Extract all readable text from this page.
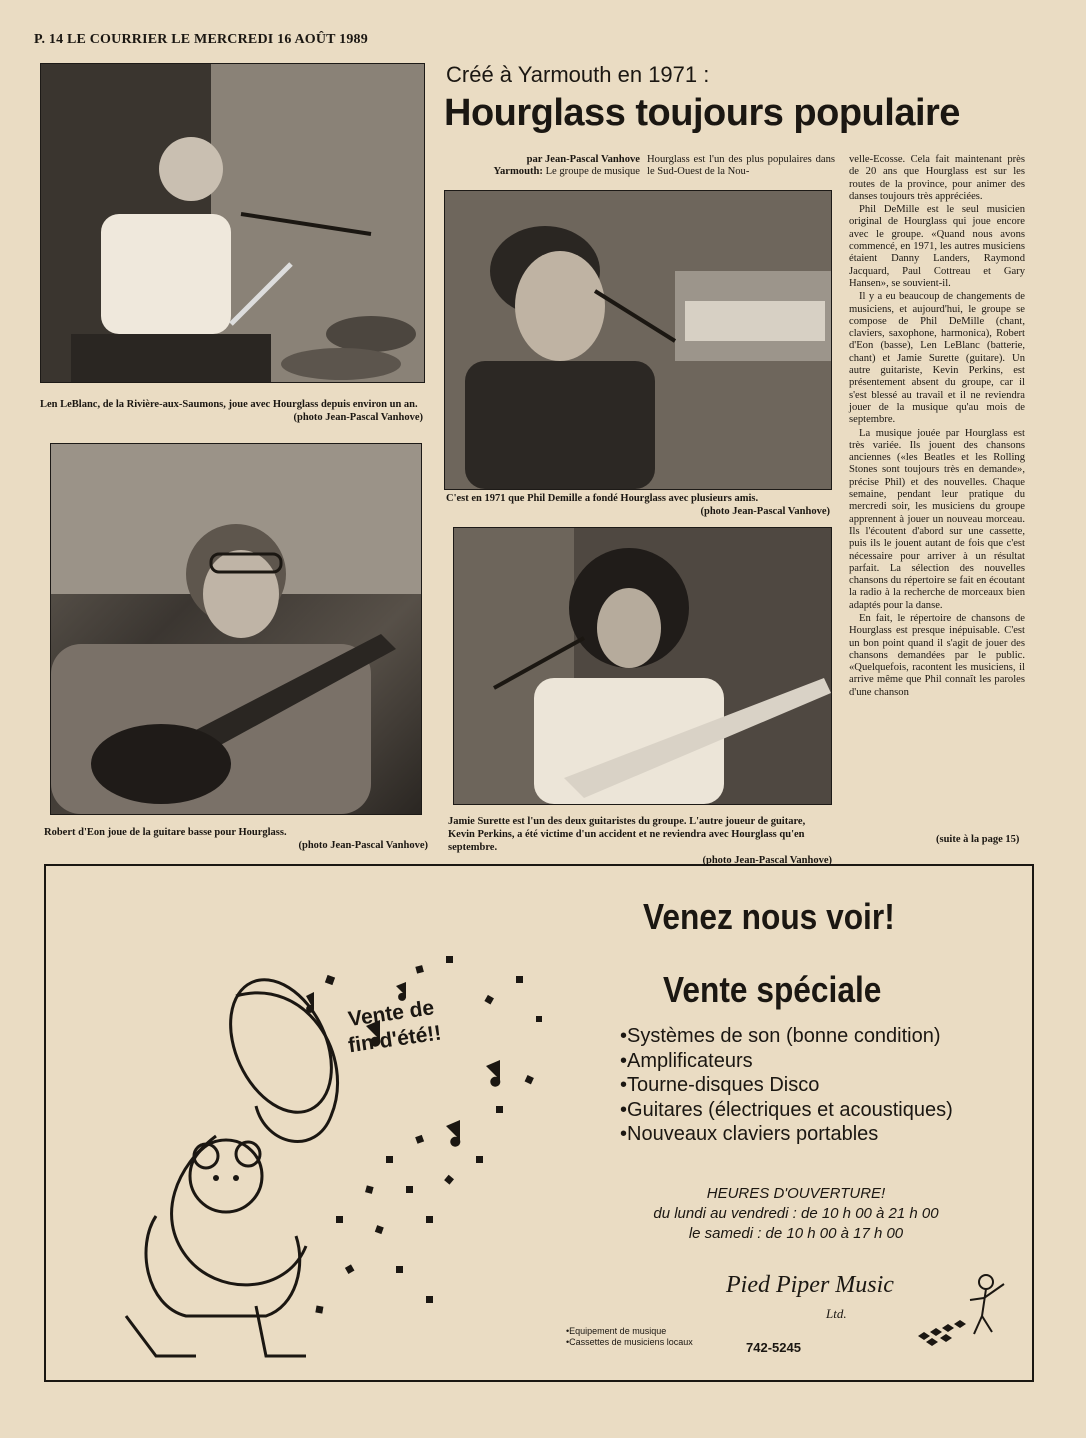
P. 14 LE COURRIER LE MERCREDI 16 AOÛT 1989
Len LeBlanc, de la Rivière-aux-Saumons, joue avec Hourglass depuis environ un an.
(photo Jean-Pascal Vanhove)
Robert d'Eon joue de la guitare basse pour Hourglass.
(photo Jean-Pascal Vanhove)
Créé à Yarmouth en 1971 :
Hourglass toujours populaire
par Jean-Pascal Vanhove
Yarmouth: Le groupe de musique
Hourglass est l'un des plus populaires dans le Sud-Ouest de la Nou-
C'est en 1971 que Phil Demille a fondé Hourglass avec plusieurs amis.
(photo Jean-Pascal Vanhove)
Jamie Surette est l'un des deux guitaristes du groupe. L'autre joueur de guitare, Kevin Perkins, a été victime d'un accident et ne reviendra avec Hourglass qu'en septembre.
(photo Jean-Pascal Vanhove)

velle-Ecosse. Cela fait maintenant près de 20 ans que Hourglass est sur les routes de la province, pour animer des danses toujours très appréciées.

Phil DeMille est le seul musicien original de Hourglass qui joue encore avec le groupe. «Quand nous avons commencé, en 1971, les autres musiciens étaient Danny Landers, Raymond Jacquard, Paul Cottreau et Gary Hansen», se souvient-il.

Il y a eu beaucoup de changements de musiciens, et aujourd'hui, le groupe se compose de Phil DeMille (chant, claviers, saxophone, harmonica), Robert d'Eon (basse), Len LeBlanc (batterie, chant) et Jamie Surette (guitare). Un autre guitariste, Kevin Perkins, est présentement absent du groupe, car il s'est blessé au travail et il ne reviendra jouer de la musique qu'au mois de septembre.

La musique jouée par Hourglass est très variée. Ils jouent des chansons anciennes («les Beatles et les Rolling Stones sont toujours très en demande», précise Phil) et des nouvelles. Chaque semaine, pendant leur pratique du mercredi soir, les musiciens du groupe apprennent à jouer un nouveau morceau. Ils l'écoutent d'abord sur une cassette, puis ils le jouent autant de fois que c'est nécessaire pour arriver à un résultat parfait. La sélection des nouvelles chansons du répertoire se fait en écoutant la radio à la recherche de morceaux bien adaptés pour la danse.

En fait, le répertoire de chansons de Hourglass est presque inépuisable. C'est un bon point quand il s'agit de jouer des chansons demandées par le public. «Quelquefois, racontent les musiciens, il arrive même que Phil connaît les paroles d'une chanson

(suite à la page 15)
Vente de
fin d'été!!
Venez nous voir!
Vente spéciale
• Systèmes de son (bonne condition)
• Amplificateurs
• Tourne-disques Disco
• Guitares (électriques et acoustiques)
• Nouveaux claviers portables
HEURES D'OUVERTURE!
du lundi au vendredi : de 10 h 00 à 21 h 00
le samedi : de 10 h 00 à 17 h 00
Pied Piper Music
Ltd.
•Equipement de musique
•Cassettes de musiciens locaux	742-5245
